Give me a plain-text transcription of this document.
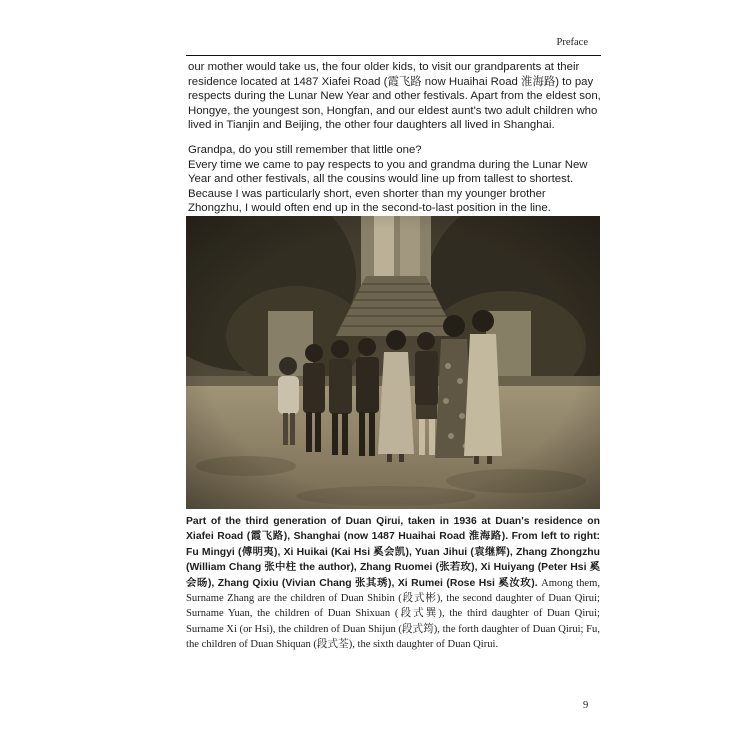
Preface
our mother would take us, the four older kids, to visit our grandparents at their residence located at 1487 Xiafei Road (霞飞路 now Huaihai Road 淮海路) to pay respects during the Lunar New Year and other festivals. Apart from the eldest son, Hongye, the youngest son, Hongfan, and our eldest aunt's two adult children who lived in Tianjin and Beijing, the other four daughters all lived in Shanghai.
Grandpa, do you still remember that little one?
Every time we came to pay respects to you and grandma during the Lunar New Year and other festivals, all the cousins would line up from tallest to shortest. Because I was particularly short, even shorter than my younger brother Zhongzhu, I would often end up in the second-to-last position in the line.
Part of the third generation of Duan Qirui, taken in 1936 at Duan's residence on Xiafei Road (霞飞路), Shanghai (now 1487 Huaihai Road 淮海路). From left to right: Fu Mingyi (傅明夷), Xi Huikai (Kai Hsi 奚会凯), Yuan Jihui (袁继辉), Zhang Zhongzhu (William Chang 张中柱 the author), Zhang Ruomei (张若玫), Xi Huiyang (Peter Hsi 奚会旸), Zhang Qixiu (Vivian Chang 张其琇), Xi Rumei (Rose Hsi 奚汝玫). Among them, Surname Zhang are the children of Duan Shibin (段式彬), the second daughter of Duan Qirui; Surname Yuan, the children of Duan Shixuan (段式巽), the third daughter of Duan Qirui; Surname Xi (or Hsi), the children of Duan Shijun (段式筠), the forth daughter of Duan Qirui; Fu, the children of Duan Shiquan (段式荃), the sixth daughter of Duan Qirui.
9
